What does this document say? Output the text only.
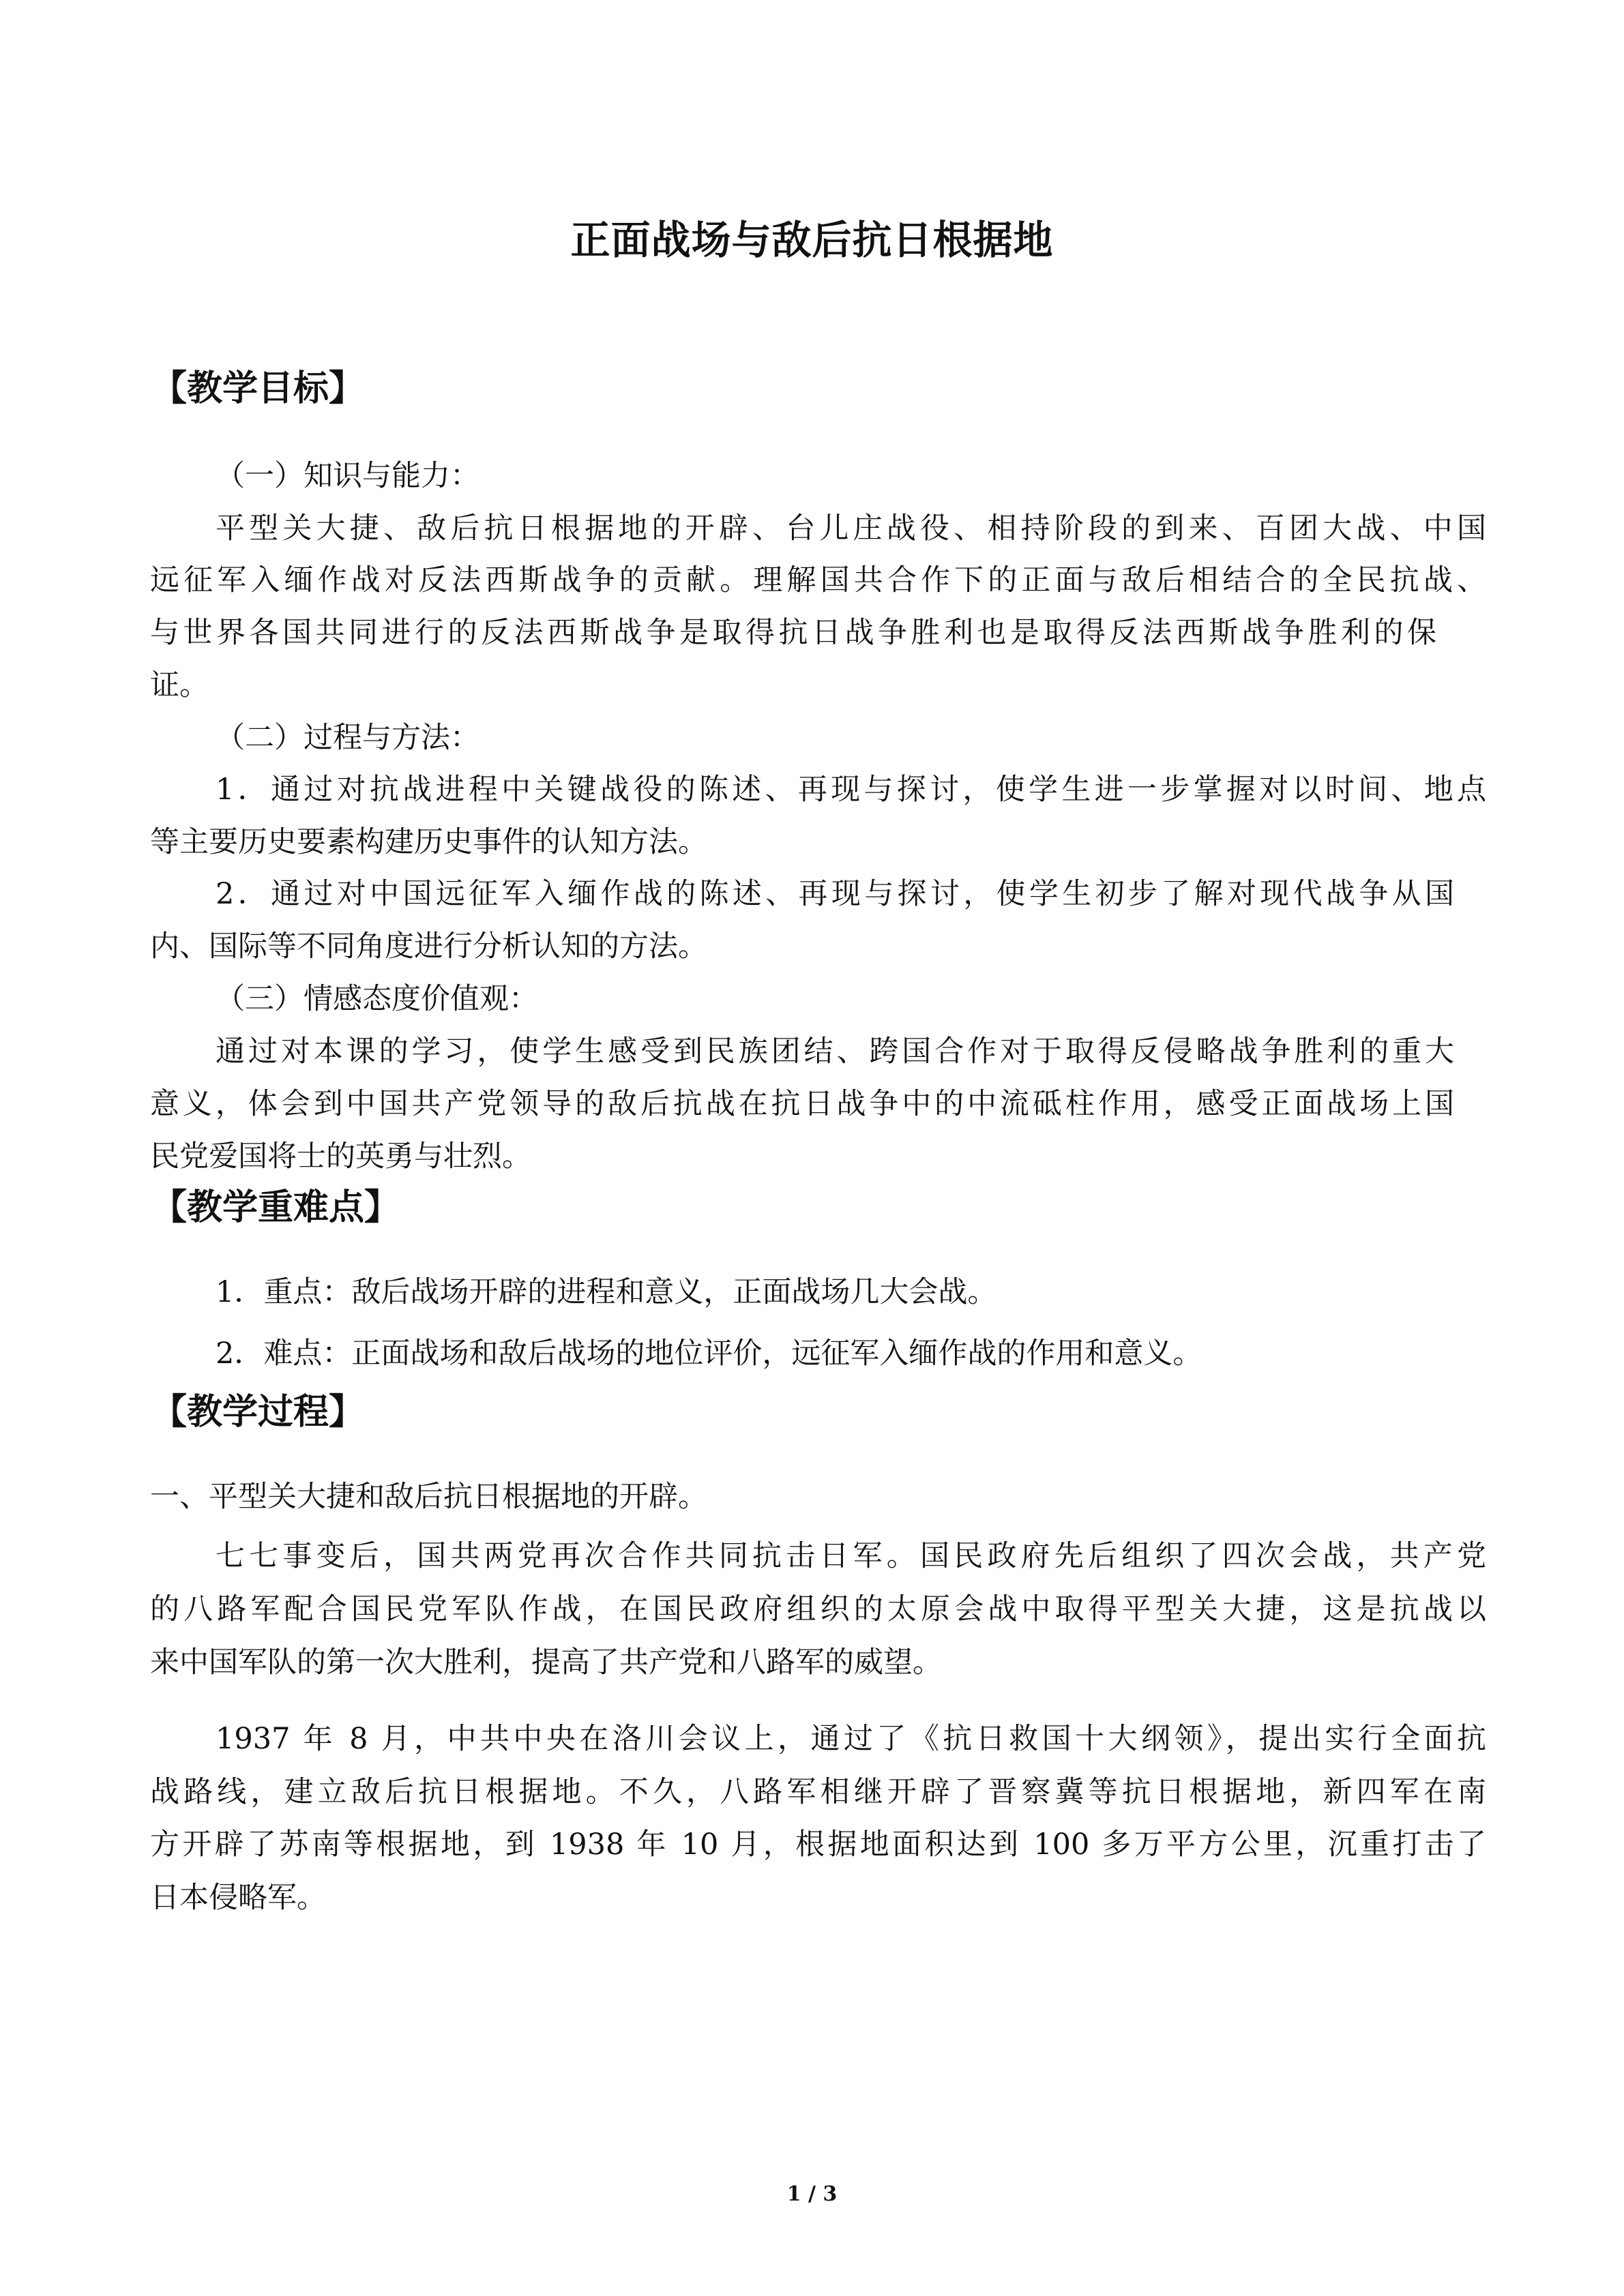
正面战场与敌后抗日根据地
【教学目标】
（一）知识与能力：
平型关大捷、敌后抗日根据地的开辟、台儿庄战役、相持阶段的到来、百团大战、中国
远征军入缅作战对反法西斯战争的贡献。理解国共合作下的正面与敌后相结合的全民抗战、
与世界各国共同进行的反法西斯战争是取得抗日战争胜利也是取得反法西斯战争胜利的保
证。
（二）过程与方法：
1．通过对抗战进程中关键战役的陈述、再现与探讨，使学生进一步掌握对以时间、地点
等主要历史要素构建历史事件的认知方法。
2．通过对中国远征军入缅作战的陈述、再现与探讨，使学生初步了解对现代战争从国
内、国际等不同角度进行分析认知的方法。
（三）情感态度价值观：
通过对本课的学习，使学生感受到民族团结、跨国合作对于取得反侵略战争胜利的重大
意义，体会到中国共产党领导的敌后抗战在抗日战争中的中流砥柱作用，感受正面战场上国
民党爱国将士的英勇与壮烈。
【教学重难点】
1．重点：敌后战场开辟的进程和意义，正面战场几大会战。
2．难点：正面战场和敌后战场的地位评价，远征军入缅作战的作用和意义。
【教学过程】
一、平型关大捷和敌后抗日根据地的开辟。
七七事变后，国共两党再次合作共同抗击日军。国民政府先后组织了四次会战，共产党
的八路军配合国民党军队作战，在国民政府组织的太原会战中取得平型关大捷，这是抗战以
来中国军队的第一次大胜利，提高了共产党和八路军的威望。
1937 年 8 月，中共中央在洛川会议上，通过了《抗日救国十大纲领》，提出实行全面抗
战路线，建立敌后抗日根据地。不久，八路军相继开辟了晋察冀等抗日根据地，新四军在南
方开辟了苏南等根据地，到 1938 年 10 月，根据地面积达到 100 多万平方公里，沉重打击了
日本侵略军。
1 / 3
